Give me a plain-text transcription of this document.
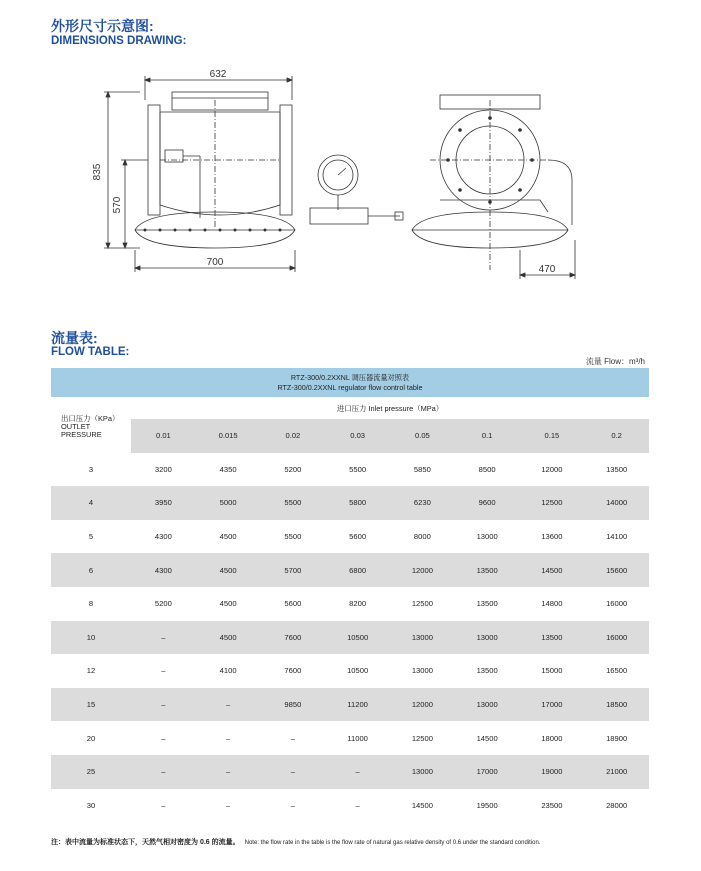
外形尺寸示意图:
DIMENSIONS DRAWING:
632
835
570
700
470
流量表:
FLOW TABLE:
流量 Flow：m³/h
RTZ-300/0.2XXNL 调压器流量对照表
RTZ-300/0.2XXNL regulator flow control table								

出口压力（KPa）
OUTLET PRESSURE	进口压力 Inlet pressure（MPa）							
	0.01	0.015	0.02	0.03	0.05	0.1	0.15	0.2
3	3200	4350	5200	5500	5850	8500	12000	13500
4	3950	5000	5500	5800	6230	9600	12500	14000
5	4300	4500	5500	5600	8000	13000	13600	14100
6	4300	4500	5700	6800	12000	13500	14500	15600
8	5200	4500	5600	8200	12500	13500	14800	16000
10	–	4500	7600	10500	13000	13000	13500	16000
12	–	4100	7600	10500	13000	13500	15000	16500
15	–	–	9850	11200	12000	13000	17000	18500
20	–	–	–	11000	12500	14500	18000	18900
25	–	–	–	–	13000	17000	19000	21000
30	–	–	–	–	14500	19500	23500	28000
注：表中流量为标准状态下，天然气相对密度为 0.6 的流量。 Note: the flow rate in the table is the flow rate of natural gas relative density of 0.6 under the standard condition.
